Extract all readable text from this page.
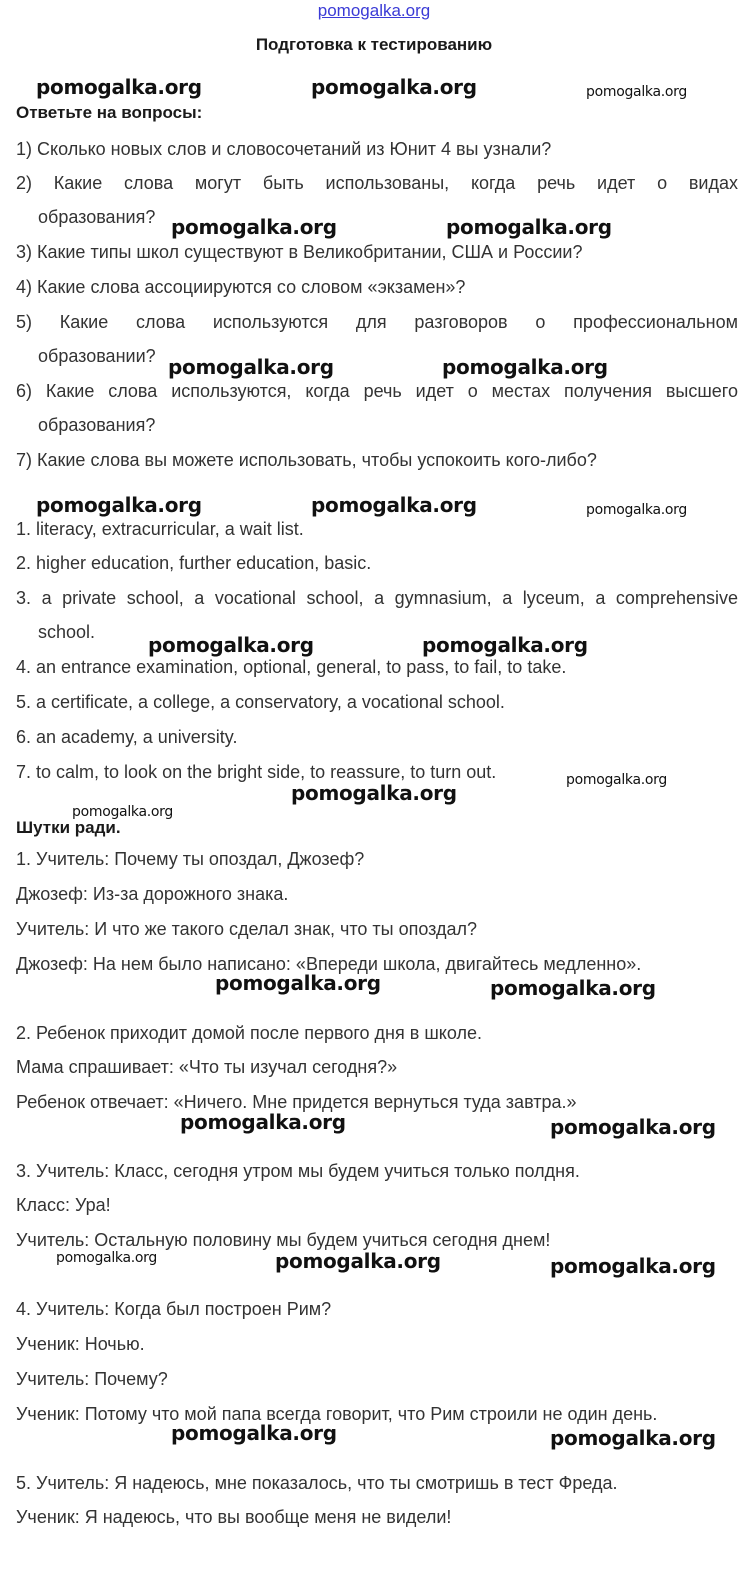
pomogalka.org
Подготовка к тестированию
Ответьте на вопросы:
1) Сколько новых слов и словосочетаний из Юнит 4 вы узнали?
2) Какие слова могут быть использованы, когда речь идет о видах
образования?
3) Какие типы школ существуют в Великобритании, США и России?
4) Какие слова ассоциируются со словом «экзамен»?
5) Какие слова используются для разговоров о профессиональном
образовании?
6) Какие слова используются, когда речь идет о местах получения высшего
образования?
7) Какие слова вы можете использовать, чтобы успокоить кого-либо?
1. literacy, extracurricular, a wait list.
2. higher education, further education, basic.
3. a private school, a vocational school, a gymnasium, a lyceum, a comprehensive
school.
4. an entrance examination, optional, general, to pass, to fail, to take.
5. a certificate, a college, a conservatory, a vocational school.
6. an academy, a university.
7. to calm, to look on the bright side, to reassure, to turn out.
Шутки ради.
1. Учитель: Почему ты опоздал, Джозеф?
Джозеф: Из-за дорожного знака.
Учитель: И что же такого сделал знак, что ты опоздал?
Джозеф: На нем было написано: «Впереди школа, двигайтесь медленно».
2. Ребенок приходит домой после первого дня в школе.
Мама спрашивает: «Что ты изучал сегодня?»
Ребенок отвечает: «Ничего. Мне придется вернуться туда завтра.»
3. Учитель: Класс, сегодня утром мы будем учиться только полдня.
Класс: Ура!
Учитель: Остальную половину мы будем учиться сегодня днем!
4. Учитель: Когда был построен Рим?
Ученик: Ночью.
Учитель: Почему?
Ученик: Потому что мой папа всегда говорит, что Рим строили не один день.
5. Учитель: Я надеюсь, мне показалось, что ты смотришь в тест Фреда.
Ученик: Я надеюсь, что вы вообще меня не видели!
pomogalka.org	pomogalka.org	pomogalka.org
pomogalka.org	pomogalka.org
pomogalka.org	pomogalka.org
pomogalka.org	pomogalka.org	pomogalka.org
pomogalka.org	pomogalka.org
pomogalka.org
pomogalka.org
pomogalka.org
pomogalka.org	pomogalka.org
pomogalka.org	pomogalka.org
pomogalka.org	pomogalka.org	pomogalka.org
pomogalka.org	pomogalka.org
